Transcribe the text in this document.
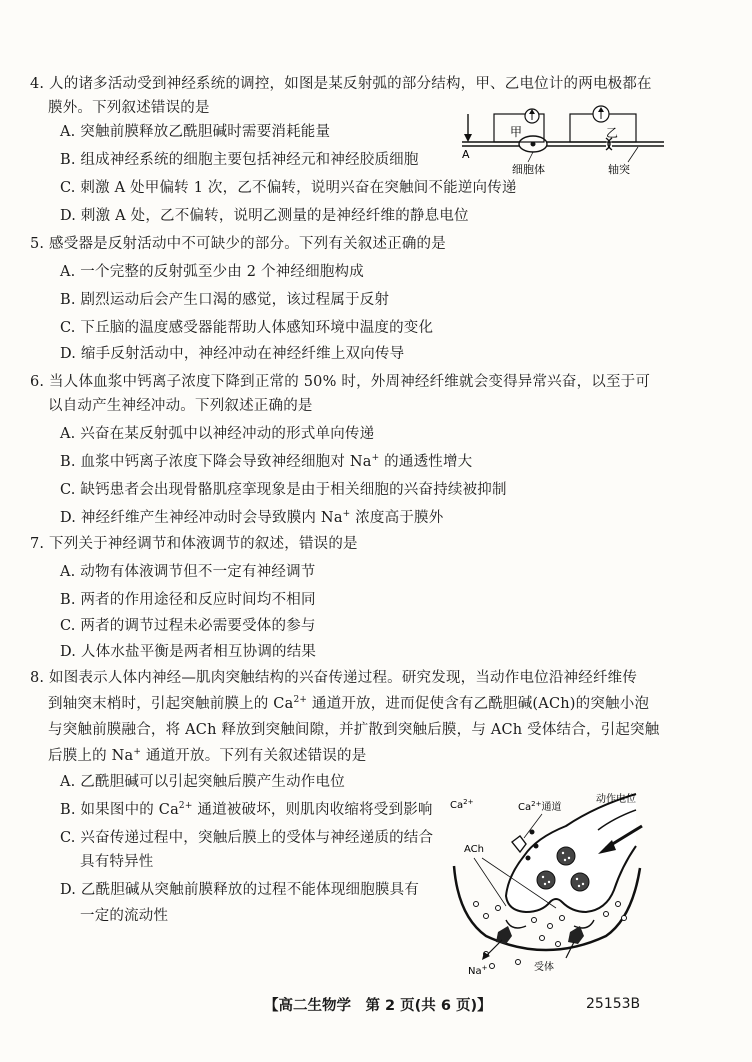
4. 人的诸多活动受到神经系统的调控，如图是某反射弧的部分结构，甲、乙电位计的两电极都在
膜外。下列叙述错误的是
A. 突触前膜释放乙酰胆碱时需要消耗能量
B. 组成神经系统的细胞主要包括神经元和神经胶质细胞
C. 刺激 A 处甲偏转 1 次，乙不偏转，说明兴奋在突触间不能逆向传递
D. 刺激 A 处，乙不偏转，说明乙测量的是神经纤维的静息电位
甲	乙
A
细胞体	轴突
5. 感受器是反射活动中不可缺少的部分。下列有关叙述正确的是
A. 一个完整的反射弧至少由 2 个神经细胞构成
B. 剧烈运动后会产生口渴的感觉，该过程属于反射
C. 下丘脑的温度感受器能帮助人体感知环境中温度的变化
D. 缩手反射活动中，神经冲动在神经纤维上双向传导
6. 当人体血浆中钙离子浓度下降到正常的 50% 时，外周神经纤维就会变得异常兴奋，以至于可
以自动产生神经冲动。下列叙述正确的是
A. 兴奋在某反射弧中以神经冲动的形式单向传递
B. 血浆中钙离子浓度下降会导致神经细胞对 Na+ 的通透性增大
C. 缺钙患者会出现骨骼肌痉挛现象是由于相关细胞的兴奋持续被抑制
D. 神经纤维产生神经冲动时会导致膜内 Na+ 浓度高于膜外
7. 下列关于神经调节和体液调节的叙述，错误的是
A. 动物有体液调节但不一定有神经调节
B. 两者的作用途径和反应时间均不相同
C. 两者的调节过程未必需要受体的参与
D. 人体水盐平衡是两者相互协调的结果
8. 如图表示人体内神经—肌肉突触结构的兴奋传递过程。研究发现，当动作电位沿神经纤维传
到轴突末梢时，引起突触前膜上的 $Ca^{2+}$ 通道开放，进而促使含有乙酰胆碱(ACh)的突触小泡
与突触前膜融合，将 ACh 释放到突触间隙，并扩散到突触后膜，与 ACh 受体结合，引起突触
后膜上的 Na+ 通道开放。下列有关叙述错误的是
A. 乙酰胆碱可以引起突触后膜产生动作电位
B. 如果图中的 $Ca^{2+}$ 通道被破坏，则肌肉收缩将受到影响
C. 兴奋传递过程中，突触后膜上的受体与神经递质的结合
具有特异性
D. 乙酰胆碱从突触前膜释放的过程不能体现细胞膜具有
一定的流动性
$Ca^{2+}$	$Ca^{2+}$通道
动作电位
ACh
受体
Na+
【高二生物学　第 2 页(共 6 页)】	25153B
